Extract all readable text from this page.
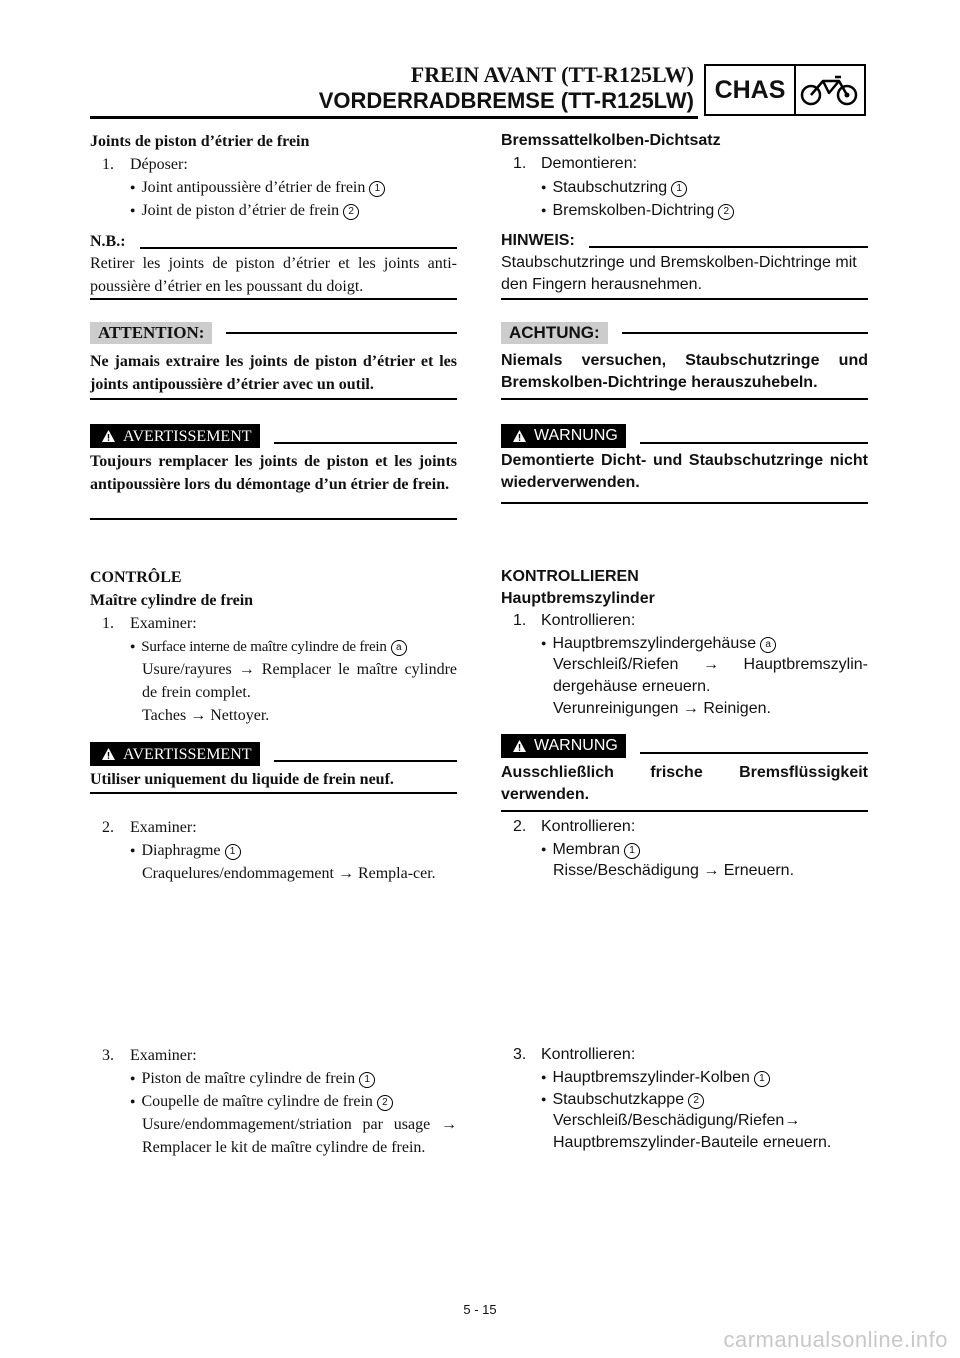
FREIN AVANT (TT-R125LW)
VORDERRADBREMSE (TT-R125LW) CHAS
Joints de piston d’étrier de frein
1. Déposer:
● Joint antipoussière d’étrier de frein 1
● Joint de piston d’étrier de frein 2
N.B.:
Retirer les joints de piston d’étrier et les joints anti-poussière d’étrier en les poussant du doigt.
ATTENTION:
Ne jamais extraire les joints de piston d’étrier et les joints antipoussière d’étrier avec un outil.
AVERTISSEMENT
Toujours remplacer les joints de piston et les joints antipoussière lors du démontage d’un étrier de frein.
CONTRÔLE
Maître cylindre de frein
1. Examiner:
● Surface interne de maître cylindre de frein a
Usure/rayures → Remplacer le maître cylindre de frein complet.
Taches → Nettoyer.
AVERTISSEMENT
Utiliser uniquement du liquide de frein neuf.
2. Examiner:
● Diaphragme 1
Craquelures/endommagement → Rempla-cer.
3. Examiner:
● Piston de maître cylindre de frein 1
● Coupelle de maître cylindre de frein 2
Usure/endommagement/striation par usage → Remplacer le kit de maître cylindre de frein.
Bremssattelkolben-Dichtsatz
1. Demontieren:
● Staubschutzring 1
● Bremskolben-Dichtring 2
HINWEIS:
Staubschutzringe und Bremskolben-Dichtringe mit den Fingern herausnehmen.
ACHTUNG:
Niemals versuchen, Staubschutzringe und Bremskolben-Dichtringe herauszuhebeln.
WARNUNG
Demontierte Dicht- und Staubschutzringe nicht wiederverwenden.
KONTROLLIEREN
Hauptbremszylinder
1. Kontrollieren:
● Hauptbremszylindergehäuse a
Verschleiß/Riefen → Hauptbremszylin-dergehäuse erneuern.
Verunreinigungen → Reinigen.
WARNUNG
Ausschließlich frische Bremsflüssigkeit verwenden.
2. Kontrollieren:
● Membran 1
Risse/Beschädigung → Erneuern.
3. Kontrollieren:
● Hauptbremszylinder-Kolben 1
● Staubschutzkappe 2
Verschleiß/Beschädigung/Riefen→ Hauptbremszylinder-Bauteile erneuern.
5 - 15
carmanualsonline.info
